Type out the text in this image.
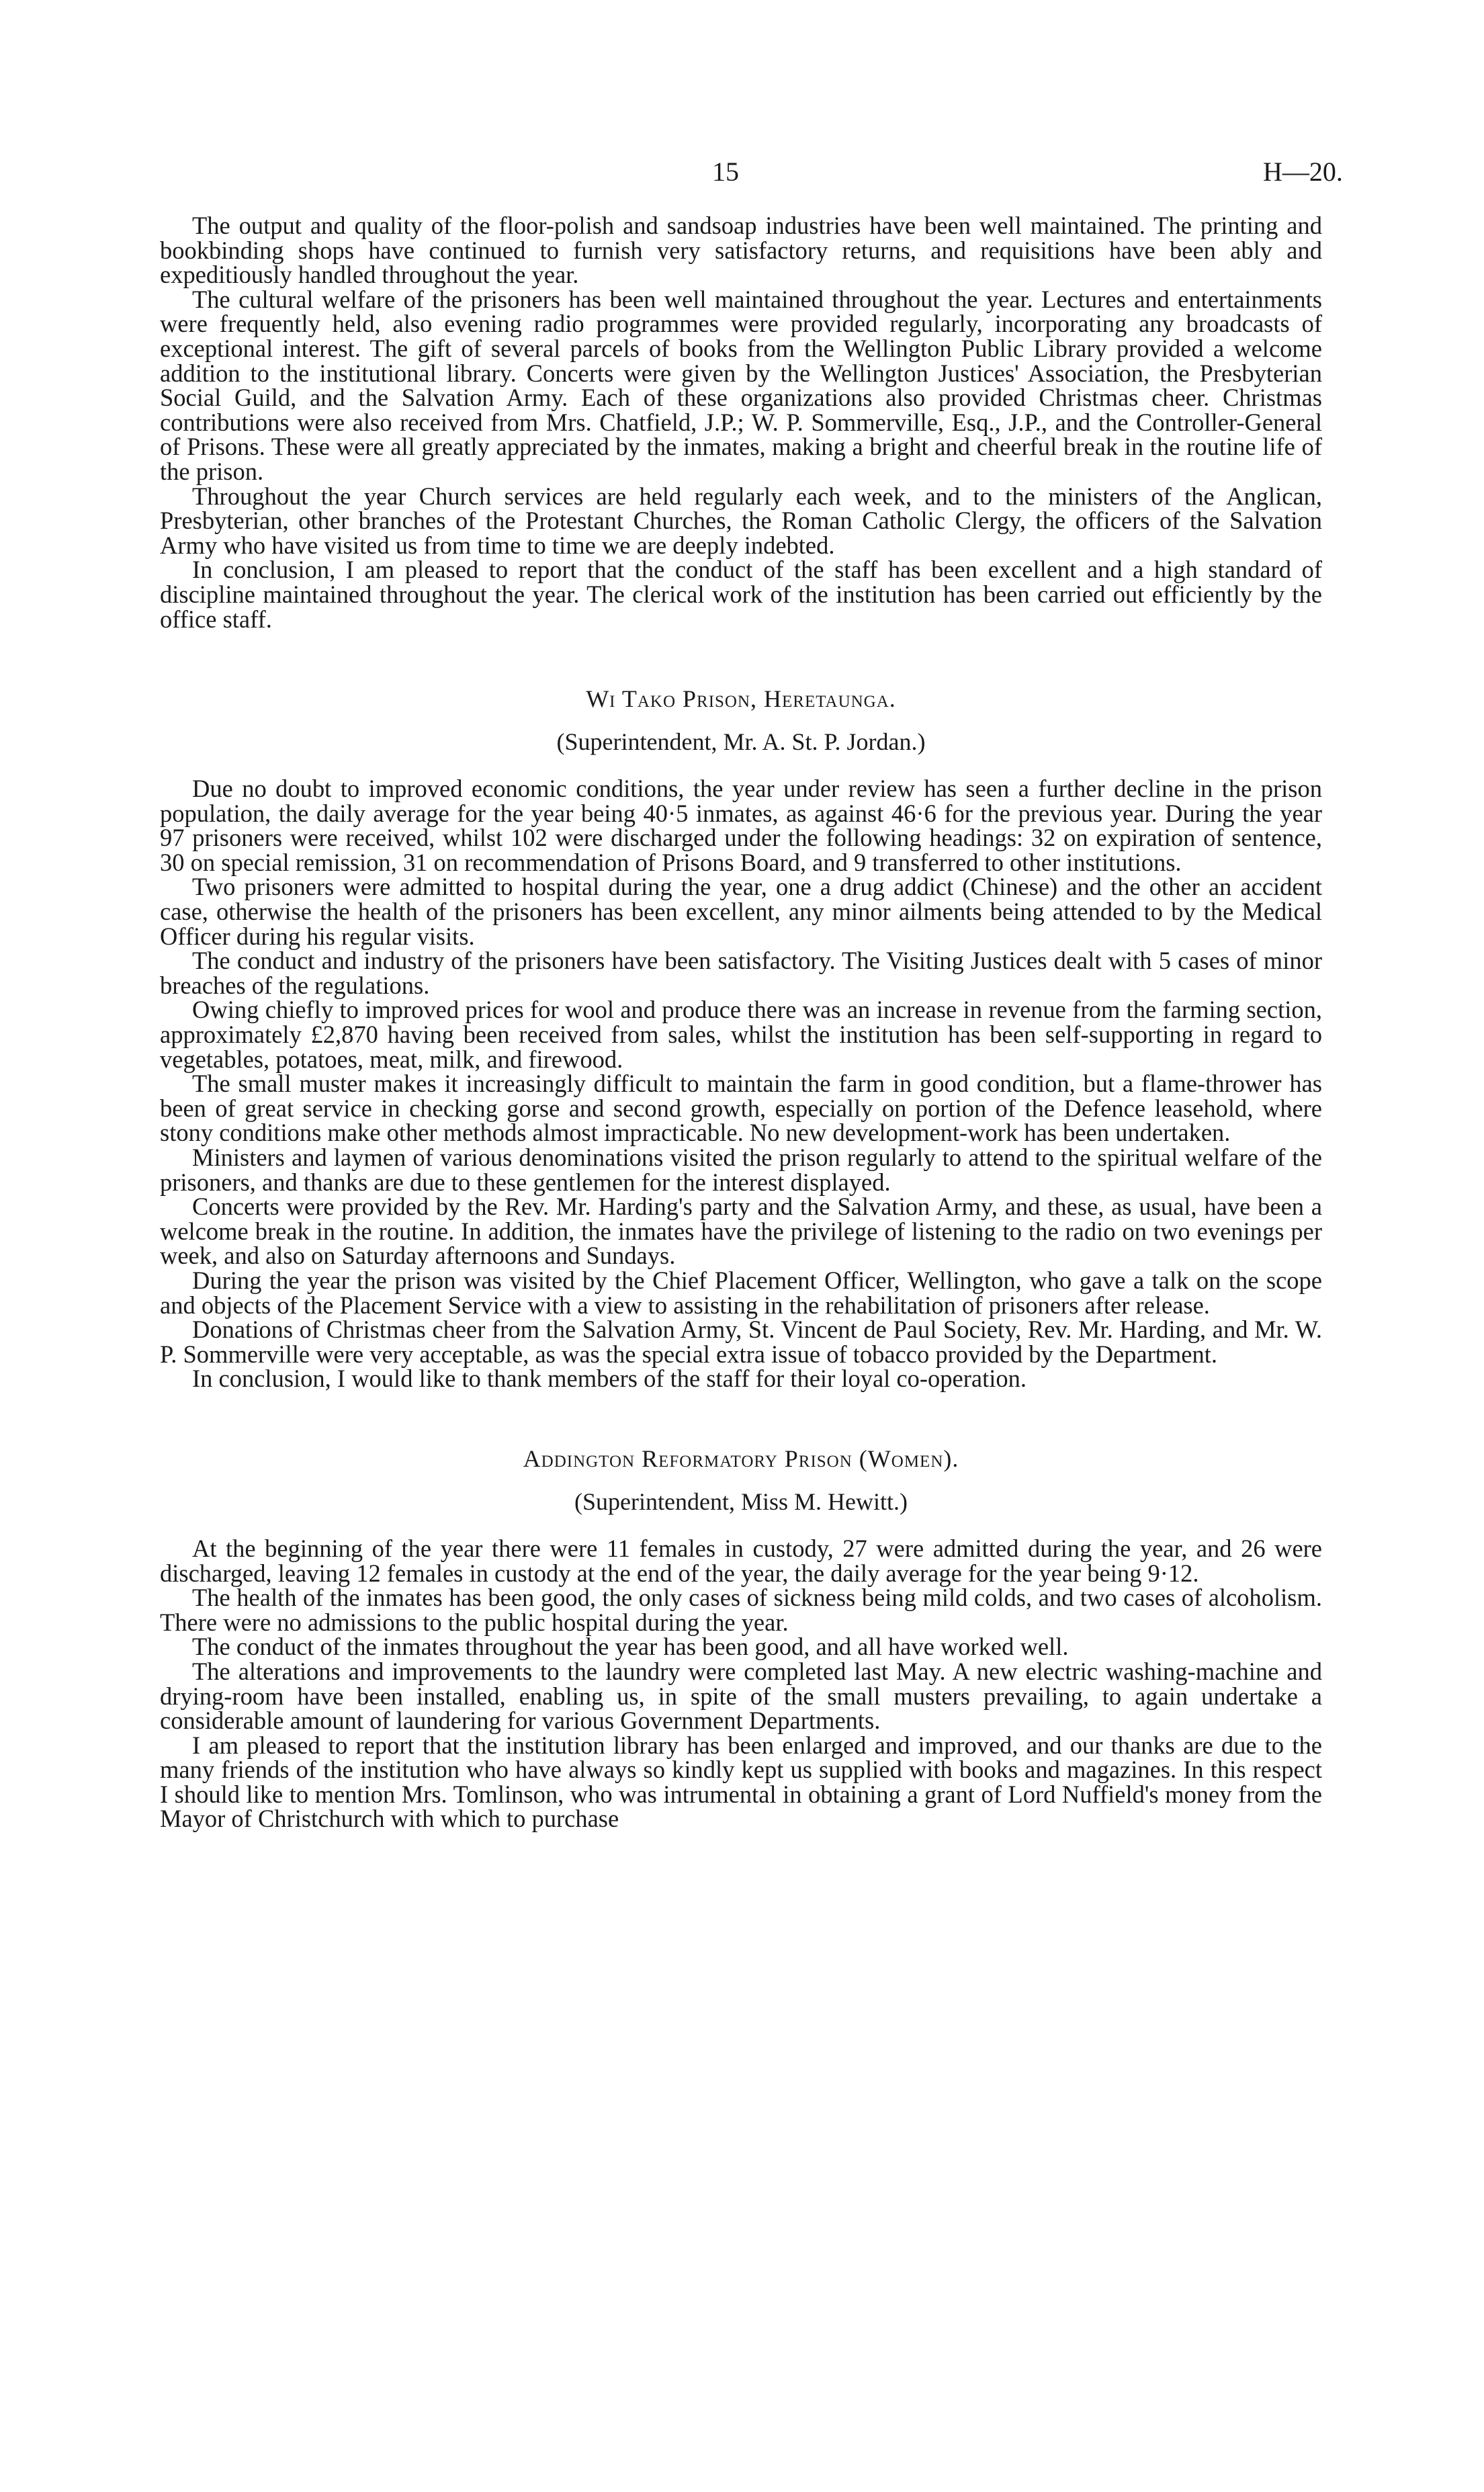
15	H—20.

The output and quality of the floor-polish and sandsoap industries have been well maintained. The printing and bookbinding shops have continued to furnish very satisfactory returns, and requisitions have been ably and expeditiously handled throughout the year.

The cultural welfare of the prisoners has been well maintained throughout the year. Lectures and entertainments were frequently held, also evening radio programmes were provided regularly, incorporating any broadcasts of exceptional interest. The gift of several parcels of books from the Wellington Public Library provided a welcome addition to the institutional library. Concerts were given by the Wellington Justices' Association, the Presbyterian Social Guild, and the Salvation Army. Each of these organizations also provided Christmas cheer. Christmas contributions were also received from Mrs. Chatfield, J.P.; W. P. Sommerville, Esq., J.P., and the Controller-General of Prisons. These were all greatly appreciated by the inmates, making a bright and cheerful break in the routine life of the prison.

Throughout the year Church services are held regularly each week, and to the ministers of the Anglican, Presbyterian, other branches of the Protestant Churches, the Roman Catholic Clergy, the officers of the Salvation Army who have visited us from time to time we are deeply indebted.

In conclusion, I am pleased to report that the conduct of the staff has been excellent and a high standard of discipline maintained throughout the year. The clerical work of the institution has been carried out efficiently by the office staff.

Wi Tako Prison, Heretaunga.
(Superintendent, Mr. A. St. P. Jordan.)

Due no doubt to improved economic conditions, the year under review has seen a further decline in the prison population, the daily average for the year being 40·5 inmates, as against 46·6 for the previous year. During the year 97 prisoners were received, whilst 102 were discharged under the following headings: 32 on expiration of sentence, 30 on special remission, 31 on recommendation of Prisons Board, and 9 transferred to other institutions.

Two prisoners were admitted to hospital during the year, one a drug addict (Chinese) and the other an accident case, otherwise the health of the prisoners has been excellent, any minor ailments being attended to by the Medical Officer during his regular visits.

The conduct and industry of the prisoners have been satisfactory. The Visiting Justices dealt with 5 cases of minor breaches of the regulations.

Owing chiefly to improved prices for wool and produce there was an increase in revenue from the farming section, approximately £2,870 having been received from sales, whilst the institution has been self-supporting in regard to vegetables, potatoes, meat, milk, and firewood.

The small muster makes it increasingly difficult to maintain the farm in good condition, but a flame-thrower has been of great service in checking gorse and second growth, especially on portion of the Defence leasehold, where stony conditions make other methods almost impracticable. No new development-work has been undertaken.

Ministers and laymen of various denominations visited the prison regularly to attend to the spiritual welfare of the prisoners, and thanks are due to these gentlemen for the interest displayed.

Concerts were provided by the Rev. Mr. Harding's party and the Salvation Army, and these, as usual, have been a welcome break in the routine. In addition, the inmates have the privilege of listening to the radio on two evenings per week, and also on Saturday afternoons and Sundays.

During the year the prison was visited by the Chief Placement Officer, Wellington, who gave a talk on the scope and objects of the Placement Service with a view to assisting in the rehabilitation of prisoners after release.

Donations of Christmas cheer from the Salvation Army, St. Vincent de Paul Society, Rev. Mr. Harding, and Mr. W. P. Sommerville were very acceptable, as was the special extra issue of tobacco provided by the Department.

In conclusion, I would like to thank members of the staff for their loyal co-operation.

Addington Reformatory Prison (Women).
(Superintendent, Miss M. Hewitt.)

At the beginning of the year there were 11 females in custody, 27 were admitted during the year, and 26 were discharged, leaving 12 females in custody at the end of the year, the daily average for the year being 9·12.

The health of the inmates has been good, the only cases of sickness being mild colds, and two cases of alcoholism. There were no admissions to the public hospital during the year.

The conduct of the inmates throughout the year has been good, and all have worked well.

The alterations and improvements to the laundry were completed last May. A new electric washing-machine and drying-room have been installed, enabling us, in spite of the small musters prevailing, to again undertake a considerable amount of laundering for various Government Departments.

I am pleased to report that the institution library has been enlarged and improved, and our thanks are due to the many friends of the institution who have always so kindly kept us supplied with books and magazines. In this respect I should like to mention Mrs. Tomlinson, who was intrumental in obtaining a grant of Lord Nuffield's money from the Mayor of Christchurch with which to purchase
